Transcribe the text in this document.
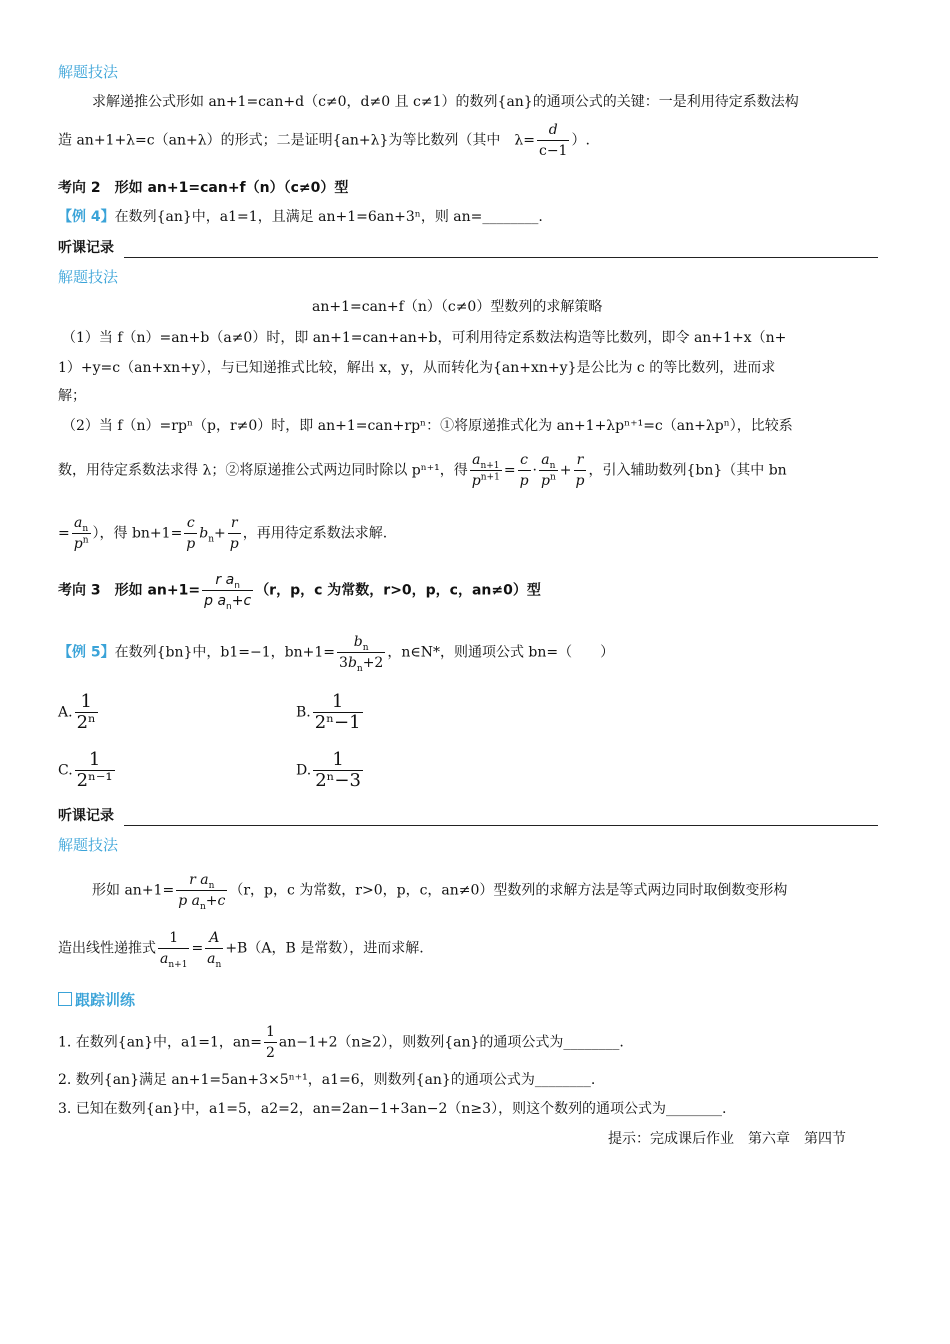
解题技法
求解递推公式形如 an+1=can+d（c≠0，d≠0 且 c≠1）的数列{an}的通项公式的关键：一是利用待定系数法构
造 an+1+λ=c（an+λ）的形式；二是证明{an+λ}为等比数列（其中　$\lambda= \frac{d}{c-1}$ ）.
考向 2　形如 an+1=can+f（n）（c≠0）型
【例 4】在数列{an}中，a1=1，且满足 an+1=6an+3ⁿ，则 an=________.
听课记录
解题技法
an+1=can+f（n）（c≠0）型数列的求解策略
（1）当 f（n）=an+b（a≠0）时，即 an+1=can+an+b，可利用待定系数法构造等比数列，即令 an+1+x（n+
1）+y=c（an+xn+y），与已知递推式比较，解出 x，y，从而转化为{an+xn+y}是公比为 c 的等比数列，进而求
解；
（2）当 f（n）=rpⁿ（p，r≠0）时，即 an+1=can+rpⁿ：①将原递推式化为 an+1+λpⁿ⁺¹=c（an+λpⁿ），比较系
数，用待定系数法求得 λ；②将原递推公式两边同时除以 pⁿ⁺¹，得 $\frac{a_{n+1}}{p^{n+1}} = \frac{c}{p} \cdot \frac{a_n}{p^n} + \frac{r}{p}$ ，引入辅助数列{bn}（其中 bn
= $\frac{a_n}{p^n}$ ），得 $bn+1= \frac{c}{p} b_n+ \frac{r}{p}$ ，再用待定系数法求解.
考向 3　形如 $an+1= \frac{r a_n}{p a_n+c} (r$，p，c 为常数，r>0，p，c，an≠0）型
【例 5】在数列{bn}中，b1=−1，$bn+1= \frac{b_n}{3b_n+2}$ ，n∈N*，则通项公式 bn=（　　）
A. $\frac{1}{\text{2ⁿ}}$	B. $\frac{1}{\text{2ⁿ−1}}$
C. $\frac{1}{\text{2ⁿ⁻¹}}$	D. $\frac{1}{\text{2ⁿ−3}}$
听课记录
解题技法
形如 $an+1= \frac{r a_n}{p a_n+c} (r$，p，c 为常数，r>0，p，c，an≠0）型数列的求解方法是等式两边同时取倒数变形构
造出线性递推式 $\frac{1}{a_{n+1}} = \frac{A}{a_n} +B(A$，B 是常数），进而求解.
跟踪训练
1. 在数列{an}中，a1=1，$an= \frac{1}{2} an-1+2(n\ge 2)$，则数列{an}的通项公式为________.
2. 数列{an}满足 an+1=5an+3×5ⁿ⁺¹，a1=6，则数列{an}的通项公式为________.
3. 已知在数列{an}中，a1=5，a2=2，an=2an−1+3an−2（n≥3），则这个数列的通项公式为________.
提示：完成课后作业　第六章　第四节
